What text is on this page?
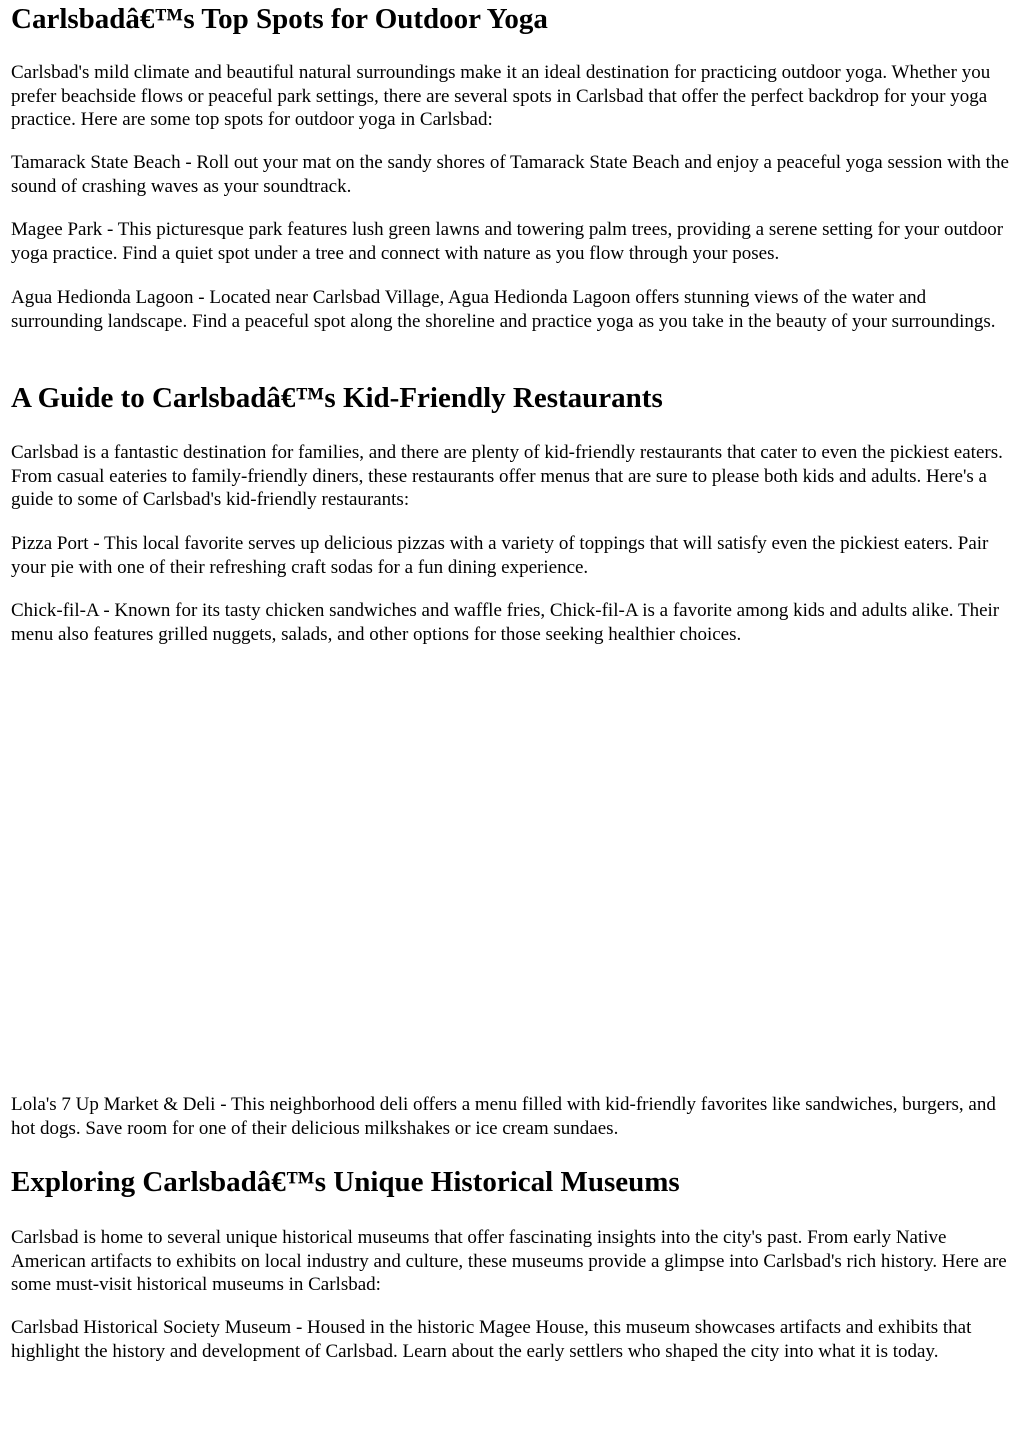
Carlsbadâ€™s Top Spots for Outdoor Yoga

Carlsbad's mild climate and beautiful natural surroundings make it an ideal destination for practicing outdoor yoga. Whether you prefer beachside flows or peaceful park settings, there are several spots in Carlsbad that offer the perfect backdrop for your yoga practice. Here are some top spots for outdoor yoga in Carlsbad:

Tamarack State Beach - Roll out your mat on the sandy shores of Tamarack State Beach and enjoy a peaceful yoga session with the sound of crashing waves as your soundtrack.

Magee Park - This picturesque park features lush green lawns and towering palm trees, providing a serene setting for your outdoor yoga practice. Find a quiet spot under a tree and connect with nature as you flow through your poses.

Agua Hedionda Lagoon - Located near Carlsbad Village, Agua Hedionda Lagoon offers stunning views of the water and surrounding landscape. Find a peaceful spot along the shoreline and practice yoga as you take in the beauty of your surroundings.

A Guide to Carlsbadâ€™s Kid-Friendly Restaurants

Carlsbad is a fantastic destination for families, and there are plenty of kid-friendly restaurants that cater to even the pickiest eaters. From casual eateries to family-friendly diners, these restaurants offer menus that are sure to please both kids and adults. Here's a guide to some of Carlsbad's kid-friendly restaurants:

Pizza Port - This local favorite serves up delicious pizzas with a variety of toppings that will satisfy even the pickiest eaters. Pair your pie with one of their refreshing craft sodas for a fun dining experience.

Chick-fil-A - Known for its tasty chicken sandwiches and waffle fries, Chick-fil-A is a favorite among kids and adults alike. Their menu also features grilled nuggets, salads, and other options for those seeking healthier choices.

Lola's 7 Up Market & Deli - This neighborhood deli offers a menu filled with kid-friendly favorites like sandwiches, burgers, and hot dogs. Save room for one of their delicious milkshakes or ice cream sundaes.

Exploring Carlsbadâ€™s Unique Historical Museums

Carlsbad is home to several unique historical museums that offer fascinating insights into the city's past. From early Native American artifacts to exhibits on local industry and culture, these museums provide a glimpse into Carlsbad's rich history. Here are some must-visit historical museums in Carlsbad:

Carlsbad Historical Society Museum - Housed in the historic Magee House, this museum showcases artifacts and exhibits that highlight the history and development of Carlsbad. Learn about the early settlers who shaped the city into what it is today.
